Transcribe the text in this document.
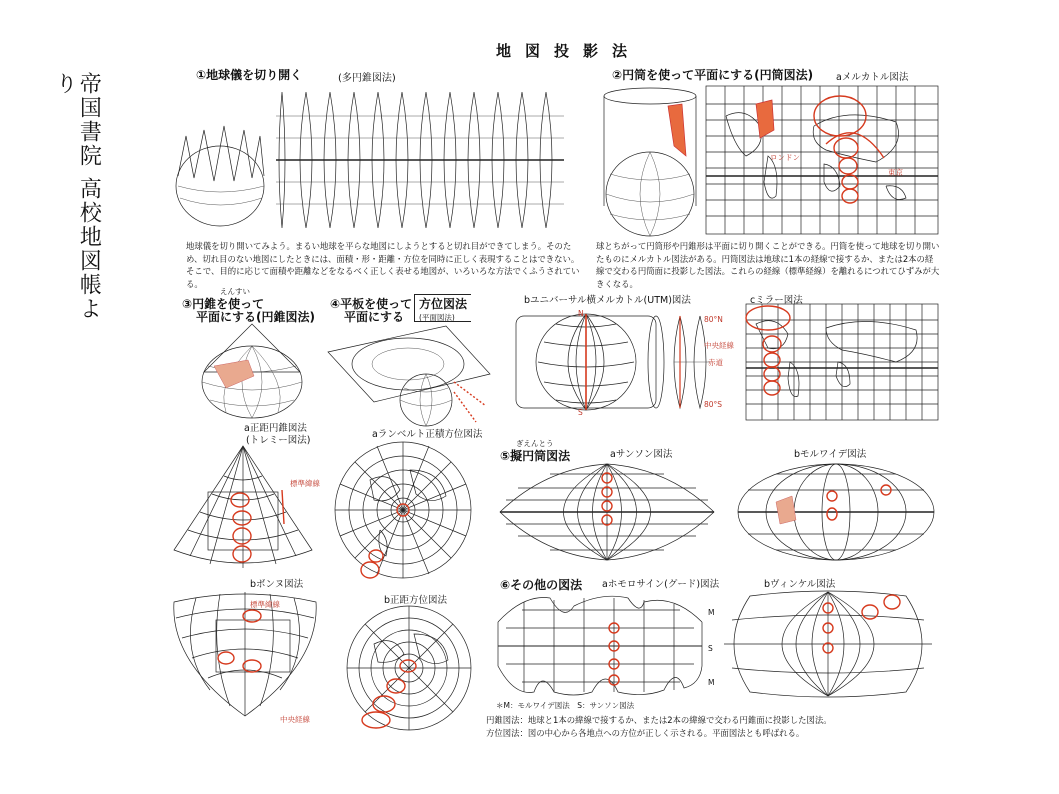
帝国書院 高校地図帳より
地図投影法
①地球儀を切り開く	(多円錐図法)
地球儀を切り開いてみよう。まるい地球を平らな地図にしようとすると切れ目ができてしまう。そのため、切れ目のない地図にしたときには、面積・形・距離・方位を同時に正しく表現することはできない。そこで、目的に応じて面積や距離などをなるべく正しく表せる地図が、いろいろな方法でくふうされている。
②円筒を使って平面にする(円筒図法) aメルカトル図法
ロンドン
東京
球とちがって円筒形や円錐形は平面に切り開くことができる。円筒を使って地球を切り開いたものにメルカトル図法がある。円筒図法は地球に1本の経線で接するか、または2本の経線で交わる円筒面に投影した図法。これらの経線（標準経線）を離れるにつれてひずみが大きくなる。
えんすい
③円錐を使って
平面にする(円錐図法)
a正距円錐図法
(トレミー図法)
標準緯線
bボンヌ図法
標準緯線
中央経線
④平板を使って
平面にする
方位図法
(平面図法)
aランベルト正積方位図法
b正距方位図法
bユニバーサル横メルカトル(UTM)図法
N
S
80°N
中央経線
赤道
80°S
cミラー図法
ぎえんとう
⑤擬円筒図法	aサンソン図法	bモルワイデ図法
⑥その他の図法 aホモロサイン(グード)図法	bヴィンケル図法
M
S
M
＊M：モルワイデ図法　S：サンソン図法
円錐図法：地球と1本の緯線で接するか、または2本の緯線で交わる円錐面に投影した図法。
方位図法：図の中心から各地点への方位が正しく示される。平面図法とも呼ばれる。
